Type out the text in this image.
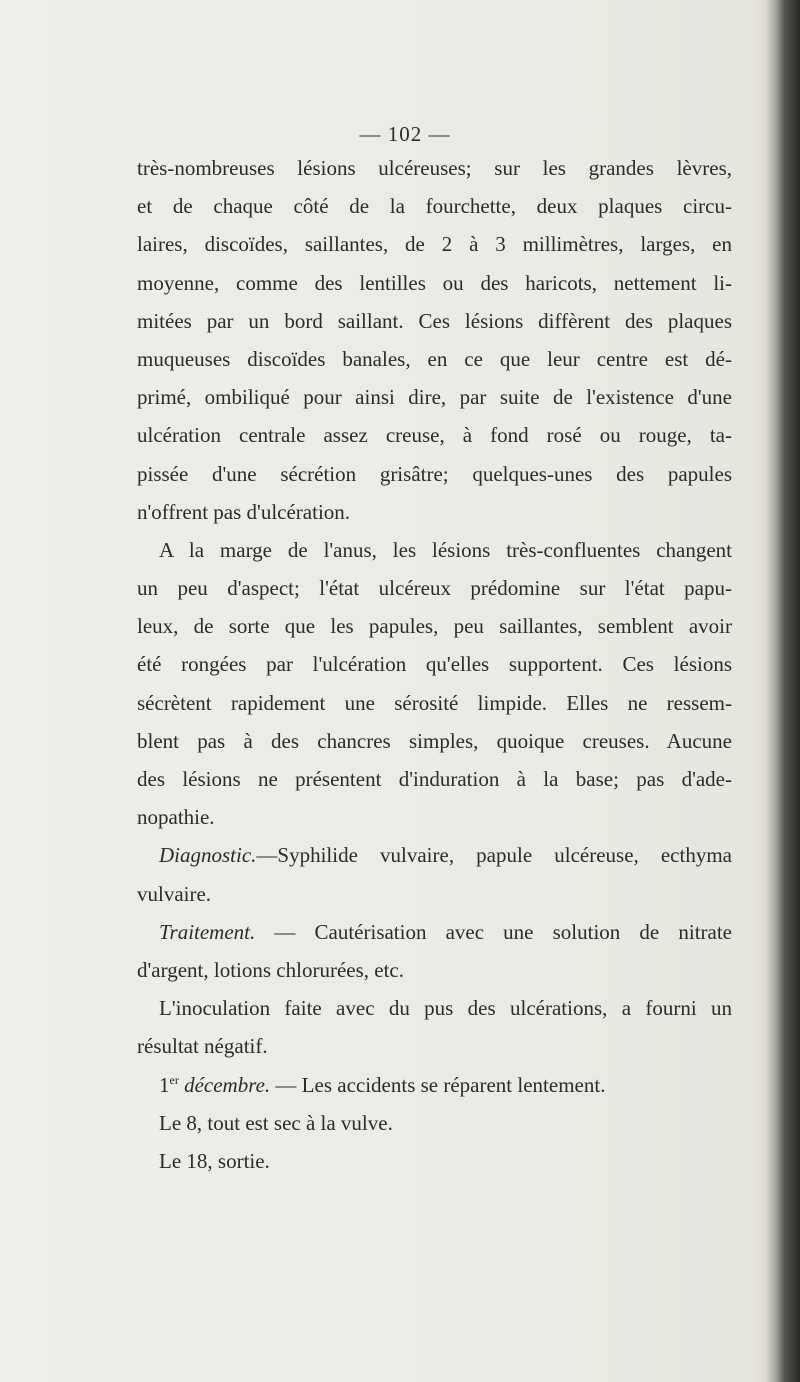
— 102 —
très-nombreuses lésions ulcéreuses; sur les grandes lèvres,
et de chaque côté de la fourchette, deux plaques circu-
laires, discoïdes, saillantes, de 2 à 3 millimètres, larges, en
moyenne, comme des lentilles ou des haricots, nettement li-
mitées par un bord saillant. Ces lésions diffèrent des plaques
muqueuses discoïdes banales, en ce que leur centre est dé-
primé, ombiliqué pour ainsi dire, par suite de l'existence d'une
ulcération centrale assez creuse, à fond rosé ou rouge, ta-
pissée d'une sécrétion grisâtre; quelques-unes des papules
n'offrent pas d'ulcération.
A la marge de l'anus, les lésions très-confluentes changent
un peu d'aspect; l'état ulcéreux prédomine sur l'état papu-
leux, de sorte que les papules, peu saillantes, semblent avoir
été rongées par l'ulcération qu'elles supportent. Ces lésions
sécrètent rapidement une sérosité limpide. Elles ne ressem-
blent pas à des chancres simples, quoique creuses. Aucune
des lésions ne présentent d'induration à la base; pas d'ade-
nopathie.
Diagnostic.—Syphilide vulvaire, papule ulcéreuse, ecthyma
vulvaire.
Traitement. — Cautérisation avec une solution de nitrate
d'argent, lotions chlorurées, etc.
L'inoculation faite avec du pus des ulcérations, a fourni un
résultat négatif.
1er décembre. — Les accidents se réparent lentement.
Le 8, tout est sec à la vulve.
Le 18, sortie.
